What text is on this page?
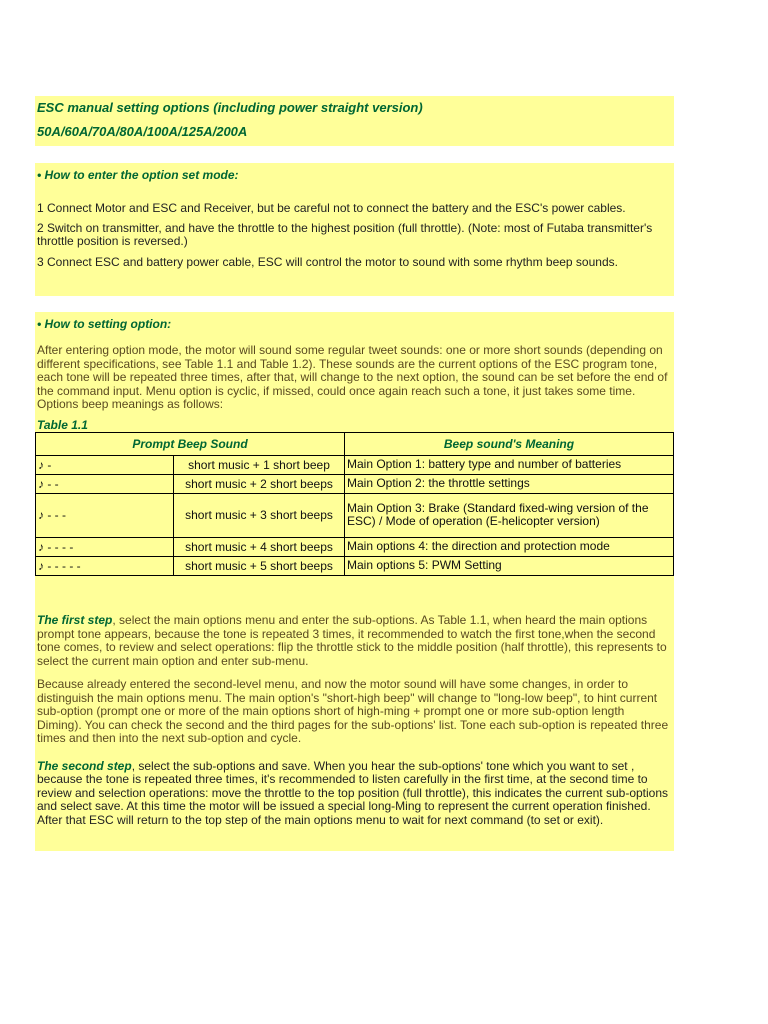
ESC manual setting options (including power straight version)

50A/60A/70A/80A/100A/125A/200A

• How to enter the option set mode:

1 Connect Motor and ESC and Receiver, but be careful not to connect the battery and the ESC's power cables.

2 Switch on transmitter, and have the throttle to the highest position (full throttle). (Note: most of Futaba transmitter's throttle position is reversed.)

3 Connect ESC and battery power cable, ESC will control the motor to sound with some rhythm beep sounds.

• How to setting option:

After entering option mode, the motor will sound some regular tweet sounds: one or more short sounds (depending on different specifications, see Table 1.1 and Table 1.2). These sounds are the current options of the ESC program tone, each tone will be repeated three times, after that, will change to the next option, the sound can be set before the end of the command input. Menu option is cyclic, if missed, could once again reach such a tone, it just takes some time. Options beep meanings as follows:

Table 1.1

Prompt Beep Sound		Beep sound's Meaning
♪ -	short music + 1 short beep	Main Option 1: battery type and number of batteries
♪ - -	short music + 2 short beeps	Main Option 2: the throttle settings
♪ - - -	short music + 3 short beeps	Main Option 3: Brake (Standard fixed-wing version of the ESC) / Mode of operation (E-helicopter version)
♪ - - - -	short music + 4 short beeps	Main options 4: the direction and protection mode
♪ - - - - -	short music + 5 short beeps	Main options 5: PWM Setting

The first step, select the main options menu and enter the sub-options. As Table 1.1, when heard the main options prompt tone appears, because the tone is repeated 3 times, it recommended to watch the first tone,when the second tone comes, to review and select operations: flip the throttle stick to the middle position (half throttle), this represents to select the current main option and enter sub-menu.

Because already entered the second-level menu, and now the motor sound will have some changes, in order to distinguish the main options menu. The main option's "short-high beep" will change to "long-low beep", to hint current sub-option (prompt one or more of the main options short of high-ming + prompt one or more sub-option length Diming). You can check the second and the third pages for the sub-options' list. Tone each sub-option is repeated three times and then into the next sub-option and cycle.

The second step, select the sub-options and save. When you hear the sub-options' tone which you want to set , because the tone is repeated three times, it's recommended to listen carefully in the first time, at the second time to review and selection operations: move the throttle to the top position (full throttle), this indicates the current sub-options and select save. At this time the motor will be issued a special long-Ming to represent the current operation finished. After that ESC will return to the top step of the main options menu to wait for next command (to set or exit).
